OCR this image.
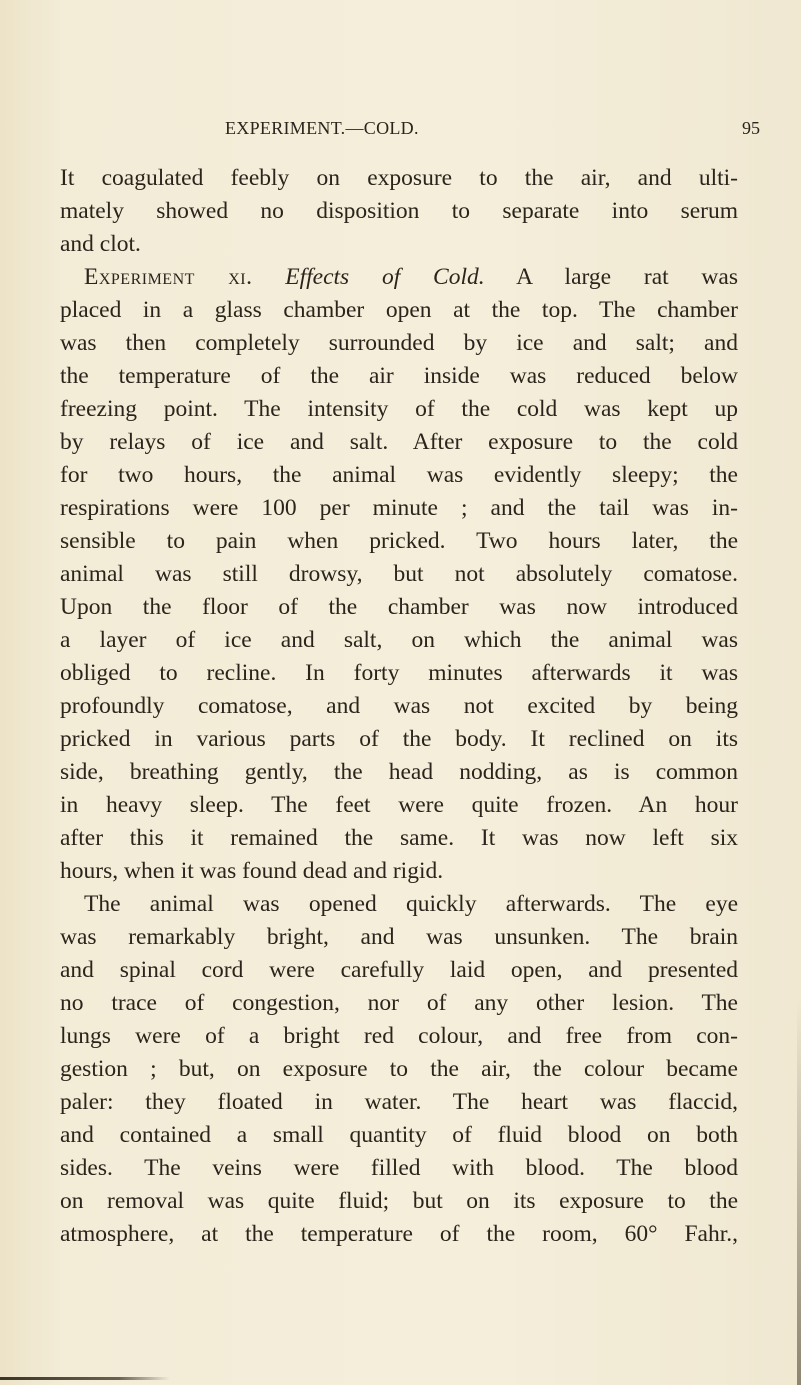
EXPERIMENT.—COLD.	95
It coagulated feebly on exposure to the air, and ulti-
mately showed no disposition to separate into serum
and clot.
Experiment xi. Effects of Cold. A large rat was
placed in a glass chamber open at the top. The chamber
was then completely surrounded by ice and salt; and
the temperature of the air inside was reduced below
freezing point. The intensity of the cold was kept up
by relays of ice and salt. After exposure to the cold
for two hours, the animal was evidently sleepy; the
respirations were 100 per minute ; and the tail was in-
sensible to pain when pricked. Two hours later, the
animal was still drowsy, but not absolutely comatose.
Upon the floor of the chamber was now introduced
a layer of ice and salt, on which the animal was
obliged to recline. In forty minutes afterwards it was
profoundly comatose, and was not excited by being
pricked in various parts of the body. It reclined on its
side, breathing gently, the head nodding, as is common
in heavy sleep. The feet were quite frozen. An hour
after this it remained the same. It was now left six
hours, when it was found dead and rigid.
The animal was opened quickly afterwards. The eye
was remarkably bright, and was unsunken. The brain
and spinal cord were carefully laid open, and presented
no trace of congestion, nor of any other lesion. The
lungs were of a bright red colour, and free from con-
gestion ; but, on exposure to the air, the colour became
paler: they floated in water. The heart was flaccid,
and contained a small quantity of fluid blood on both
sides. The veins were filled with blood. The blood
on removal was quite fluid; but on its exposure to the
atmosphere, at the temperature of the room, 60° Fahr.,
